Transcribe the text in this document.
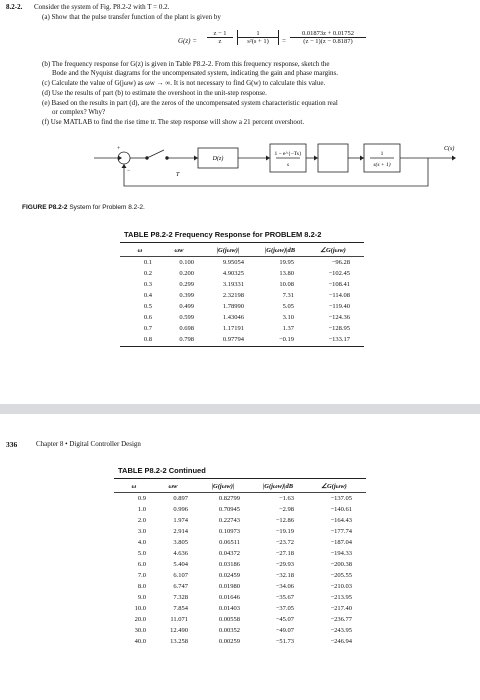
8.2-2. Consider the system of Fig. P8.2-2 with T = 0.2.
(a) Show that the pulse transfer function of the plant is given by
$G(z) = \frac{z - 1}{z} \frac{1}{\text{s²(s + 1)}} = \frac{0.01873z + 0.01752}{(z - 1)(z - 0.8187)}$
(b) The frequency response for G(z) is given in Table P8.2-2. From this frequency response, sketch the
Bode and the Nyquist diagrams for the uncompensated system, indicating the gain and phase margins.
(c) Calculate the value of G(jωw) as ωw → ∞. It is not necessary to find G(w) to calculate this value.
(d) Use the results of part (b) to estimate the overshoot in the unit-step response.
(e) Based on the results in part (d), are the zeros of the uncompensated system characteristic equation real
or complex? Why?
(f) Use MATLAB to find the rise time tr. The step response will show a 21 percent overshoot.
+
−
T
D(z)
1 − e^{−Ts}
s
1
s(s + 1)
C(s)
FIGURE P8.2-2 System for Problem 8.2-2.
TABLE P8.2-2 Frequency Response for PROBLEM 8.2-2
ω	ωw	|G(jωw)|	|G(jωw)|dB	∠G(jωw)
0.1	0.100	9.95054	19.95	−96.28
0.2	0.200	4.90325	13.80	−102.45
0.3	0.299	3.19331	10.08	−108.41
0.4	0.399	2.32198	7.31	−114.08
0.5	0.499	1.78990	5.05	−119.40
0.6	0.599	1.43046	3.10	−124.36
0.7	0.698	1.17191	1.37	−128.95
0.8	0.798	0.97794	−0.19	−133.17
336	Chapter 8 • Digital Controller Design
TABLE P8.2-2 Continued
ω	ωw	|G(jωw)|	|G(jωw)|dB	∠G(jωw)
0.9	0.897	0.82799	−1.63	−137.05
1.0	0.996	0.70945	−2.98	−140.61
2.0	1.974	0.22743	−12.86	−164.43
3.0	2.914	0.10973	−19.19	−177.74
4.0	3.805	0.06511	−23.72	−187.04
5.0	4.636	0.04372	−27.18	−194.33
6.0	5.404	0.03186	−29.93	−200.38
7.0	6.107	0.02459	−32.18	−205.55
8.0	6.747	0.01980	−34.06	−210.03
9.0	7.328	0.01646	−35.67	−213.95
10.0	7.854	0.01403	−37.05	−217.40
20.0	11.071	0.00558	−45.07	−236.77
30.0	12.490	0.00352	−49.07	−243.95
40.0	13.258	0.00259	−51.73	−246.94
